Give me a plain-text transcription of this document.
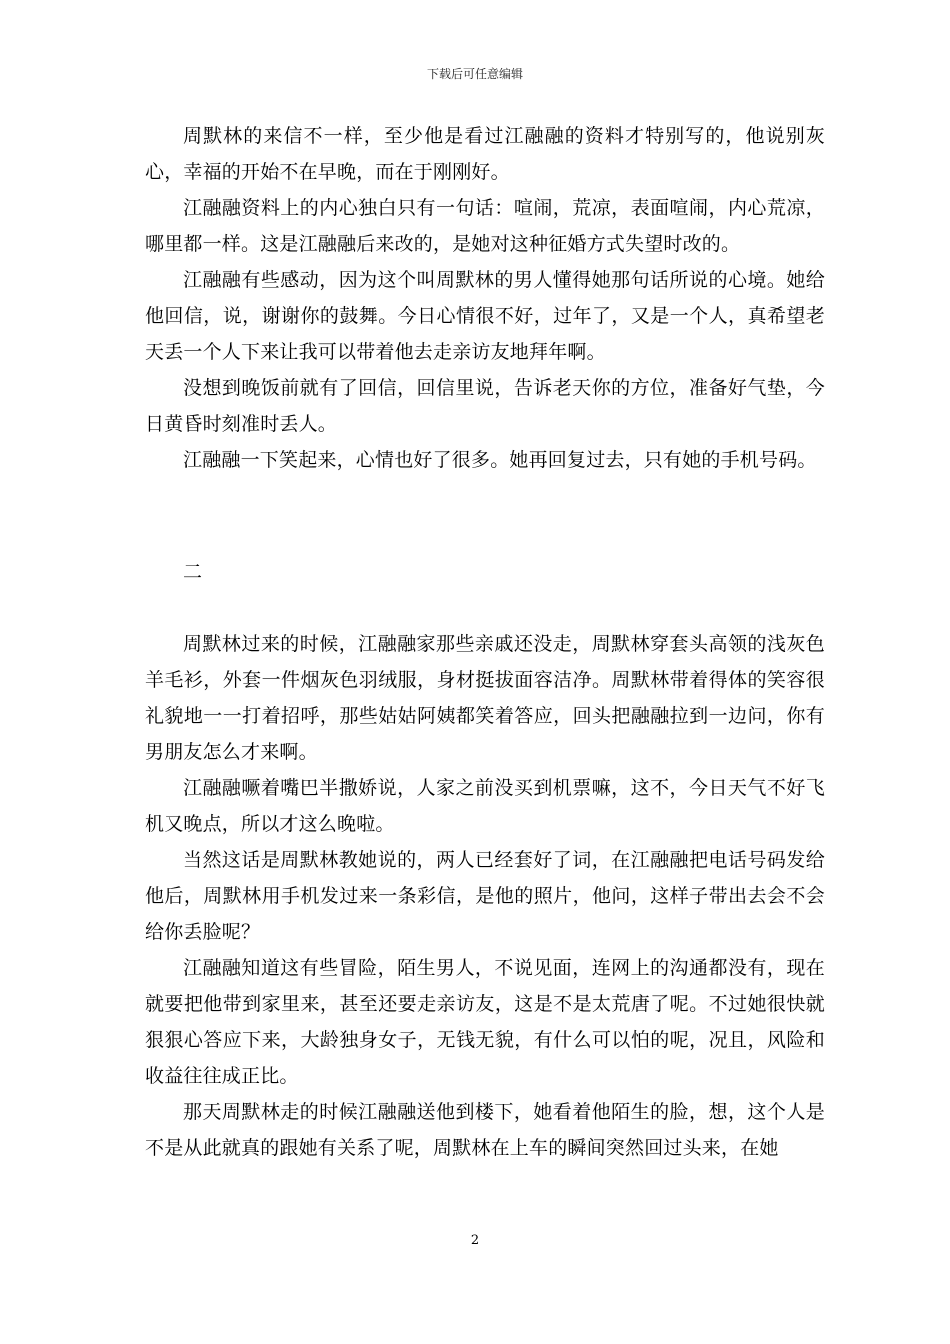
下载后可任意编辑

周默林的来信不一样，至少他是看过江融融的资料才特别写的，他说别灰心，幸福的开始不在早晚，而在于刚刚好。

江融融资料上的内心独白只有一句话：喧闹，荒凉，表面喧闹，内心荒凉，哪里都一样。这是江融融后来改的，是她对这种征婚方式失望时改的。

江融融有些感动，因为这个叫周默林的男人懂得她那句话所说的心境。她给他回信，说，谢谢你的鼓舞。今日心情很不好，过年了，又是一个人，真希望老天丢一个人下来让我可以带着他去走亲访友地拜年啊。

没想到晚饭前就有了回信，回信里说，告诉老天你的方位，准备好气垫，今日黄昏时刻准时丢人。

江融融一下笑起来，心情也好了很多。她再回复过去，只有她的手机号码。

二

周默林过来的时候，江融融家那些亲戚还没走，周默林穿套头高领的浅灰色羊毛衫，外套一件烟灰色羽绒服，身材挺拔面容洁净。周默林带着得体的笑容很礼貌地一一打着招呼，那些姑姑阿姨都笑着答应，回头把融融拉到一边问，你有男朋友怎么才来啊。

江融融噘着嘴巴半撒娇说，人家之前没买到机票嘛，这不，今日天气不好飞机又晚点，所以才这么晚啦。

当然这话是周默林教她说的，两人已经套好了词，在江融融把电话号码发给他后，周默林用手机发过来一条彩信，是他的照片，他问，这样子带出去会不会给你丢脸呢？

江融融知道这有些冒险，陌生男人，不说见面，连网上的沟通都没有，现在就要把他带到家里来，甚至还要走亲访友，这是不是太荒唐了呢。不过她很快就狠狠心答应下来，大龄独身女子，无钱无貌，有什么可以怕的呢，况且，风险和收益往往成正比。

那天周默林走的时候江融融送他到楼下，她看着他陌生的脸，想，这个人是不是从此就真的跟她有关系了呢，周默林在上车的瞬间突然回过头来，在她

2
